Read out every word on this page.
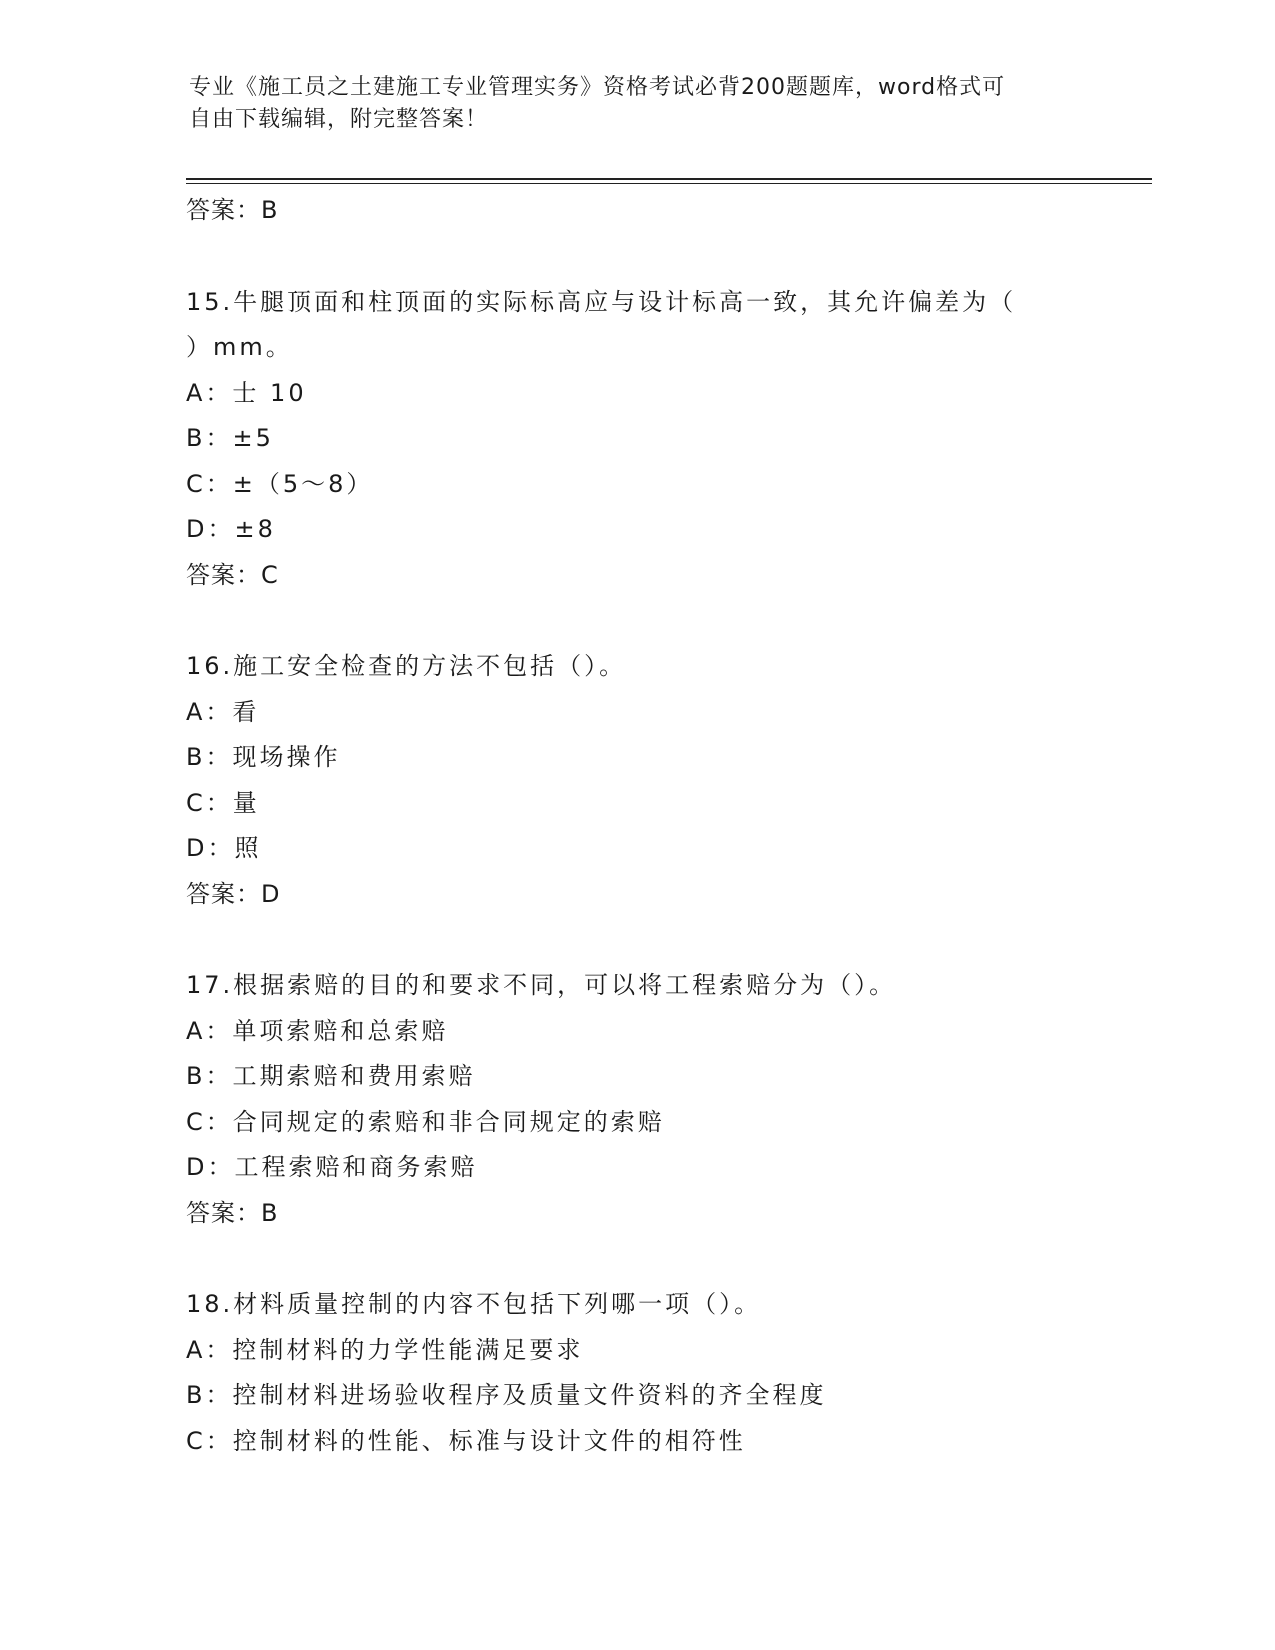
专业《施工员之土建施工专业管理实务》资格考试必背200题题库，word格式可
自由下载编辑，附完整答案！
答案：B
15.牛腿顶面和柱顶面的实际标高应与设计标高一致，其允许偏差为（
）mm。
A：士 10
B：±5
C：±（5～8）
D：±8
答案：C
16.施工安全检查的方法不包括（）。
A：看
B：现场操作
C：量
D：照
答案：D
17.根据索赔的目的和要求不同，可以将工程索赔分为（）。
A：单项索赔和总索赔
B：工期索赔和费用索赔
C：合同规定的索赔和非合同规定的索赔
D：工程索赔和商务索赔
答案：B
18.材料质量控制的内容不包括下列哪一项（）。
A：控制材料的力学性能满足要求
B：控制材料进场验收程序及质量文件资料的齐全程度
C：控制材料的性能、标准与设计文件的相符性
